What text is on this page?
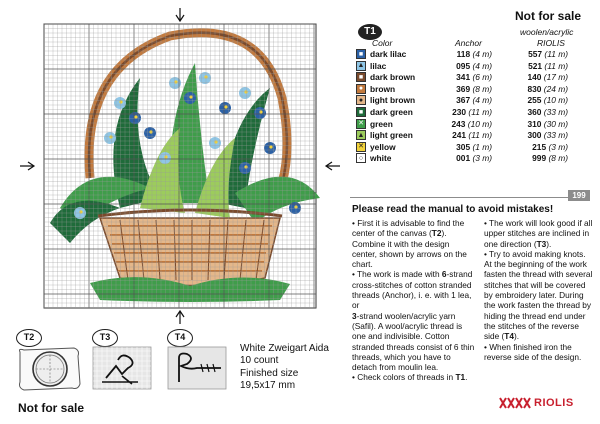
Not for sale
T1
Color	Anchor
woolen/acrylic
RIOLIS
■ dark lilac	118 (4 m)	557 (11 m)
▲ lilac	095 (4 m)	521 (11 m)
■ dark brown	341 (6 m)	140 (17 m)
● brown	369 (8 m)	830 (24 m)
● light brown	367 (4 m)	255 (10 m)
■ dark green	230 (11 m)	360 (33 m)
✕ green	243 (10 m)	310 (30 m)
▲ light green	241 (11 m)	300 (33 m)
✕ yellow	305 (1 m)	215 (3 m)
○ white	001 (3 m)	999 (8 m)
199
Please read the manual to avoid mistakes!

• First it is advisable to find the center of the canvas (T2). Combine it with the design center, shown by arrows on the chart.

• The work is made with 6-strand cross-stitches of cotton stranded threads (Anchor), i. e. with 1 lea, or

3-strand woolen/acrylic yarn (Safil). A wool/acrylic thread is one and indivisible. Cotton stranded threads consist of 6 thin threads, which you have to detach from moulin lea.

• Check colors of threads in T1.

• The work will look good if all upper stitches are inclined in one direction (T3).

• Try to avoid making knots. At the beginning of the work fasten the thread with several stitches that will be covered by embroidery later. During the work fasten the thread by hiding the thread end under the stitches of the reverse side (T4).

• When finished iron the reverse side of the design.

T2	T3	T4
White Zweigart Aida
10 count
Finished size
19,5x17 mm
Not for sale	RIOLIS
